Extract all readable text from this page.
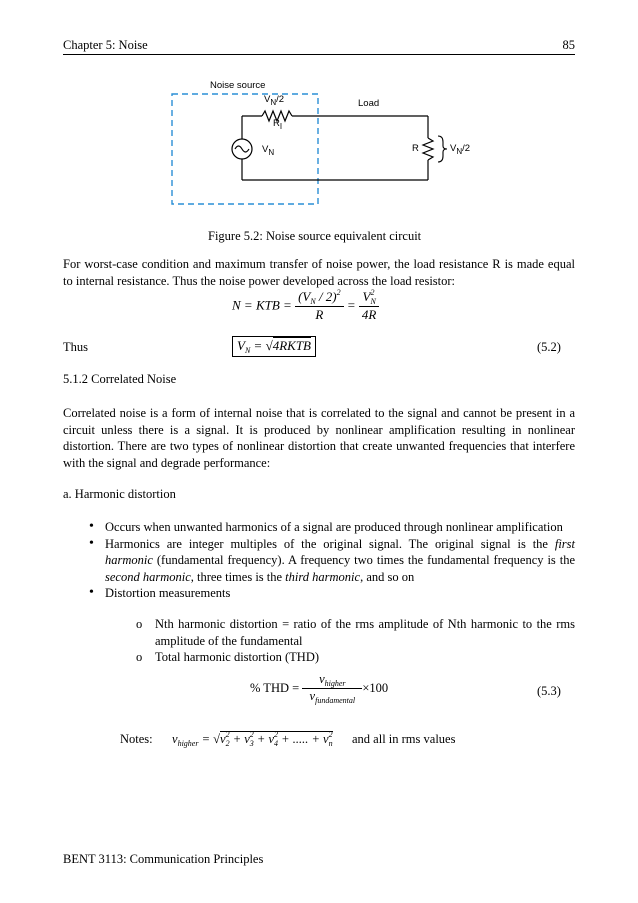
Chapter 5: Noise	85
Noise source
$V_N/2$
$R_I$
Load
$V_N$	R	$V_N/2$
Figure 5.2: Noise source equivalent circuit
For worst-case condition and maximum transfer of noise power, the load resistance R is made equal to internal resistance. Thus the noise power developed across the load resistor:
N = KTB = $\frac{(V_N / 2)^2}{R} = \frac{V^2_N}{4R}$
Thus	$V_N$ = √4RKTB	(5.2)
5.1.2 Correlated Noise
Correlated noise is a form of internal noise that is correlated to the signal and cannot be present in a circuit unless there is a signal. It is produced by nonlinear amplification resulting in nonlinear distortion. There are two types of nonlinear distortion that create unwanted frequencies that interfere with the signal and degrade performance:
a. Harmonic distortion
• Occurs when unwanted harmonics of a signal are produced through nonlinear amplification
• Harmonics are integer multiples of the original signal. The original signal is the first harmonic (fundamental frequency). A frequency two times the fundamental frequency is the second harmonic, three times is the third harmonic, and so on
• Distortion measurements
o Nth harmonic distortion = ratio of the rms amplitude of Nth harmonic to the rms amplitude of the fundamental
o Total harmonic distortion (THD)
% THD = $\frac{v_{higher}}{v_{fundamental}} \times 100$	(5.3)
Notes: $v_{higher} = √v^2_2 + v^2_3 + v^2_4$ + ..... + $v^2_n$ and all in rms values
BENT 3113: Communication Principles
